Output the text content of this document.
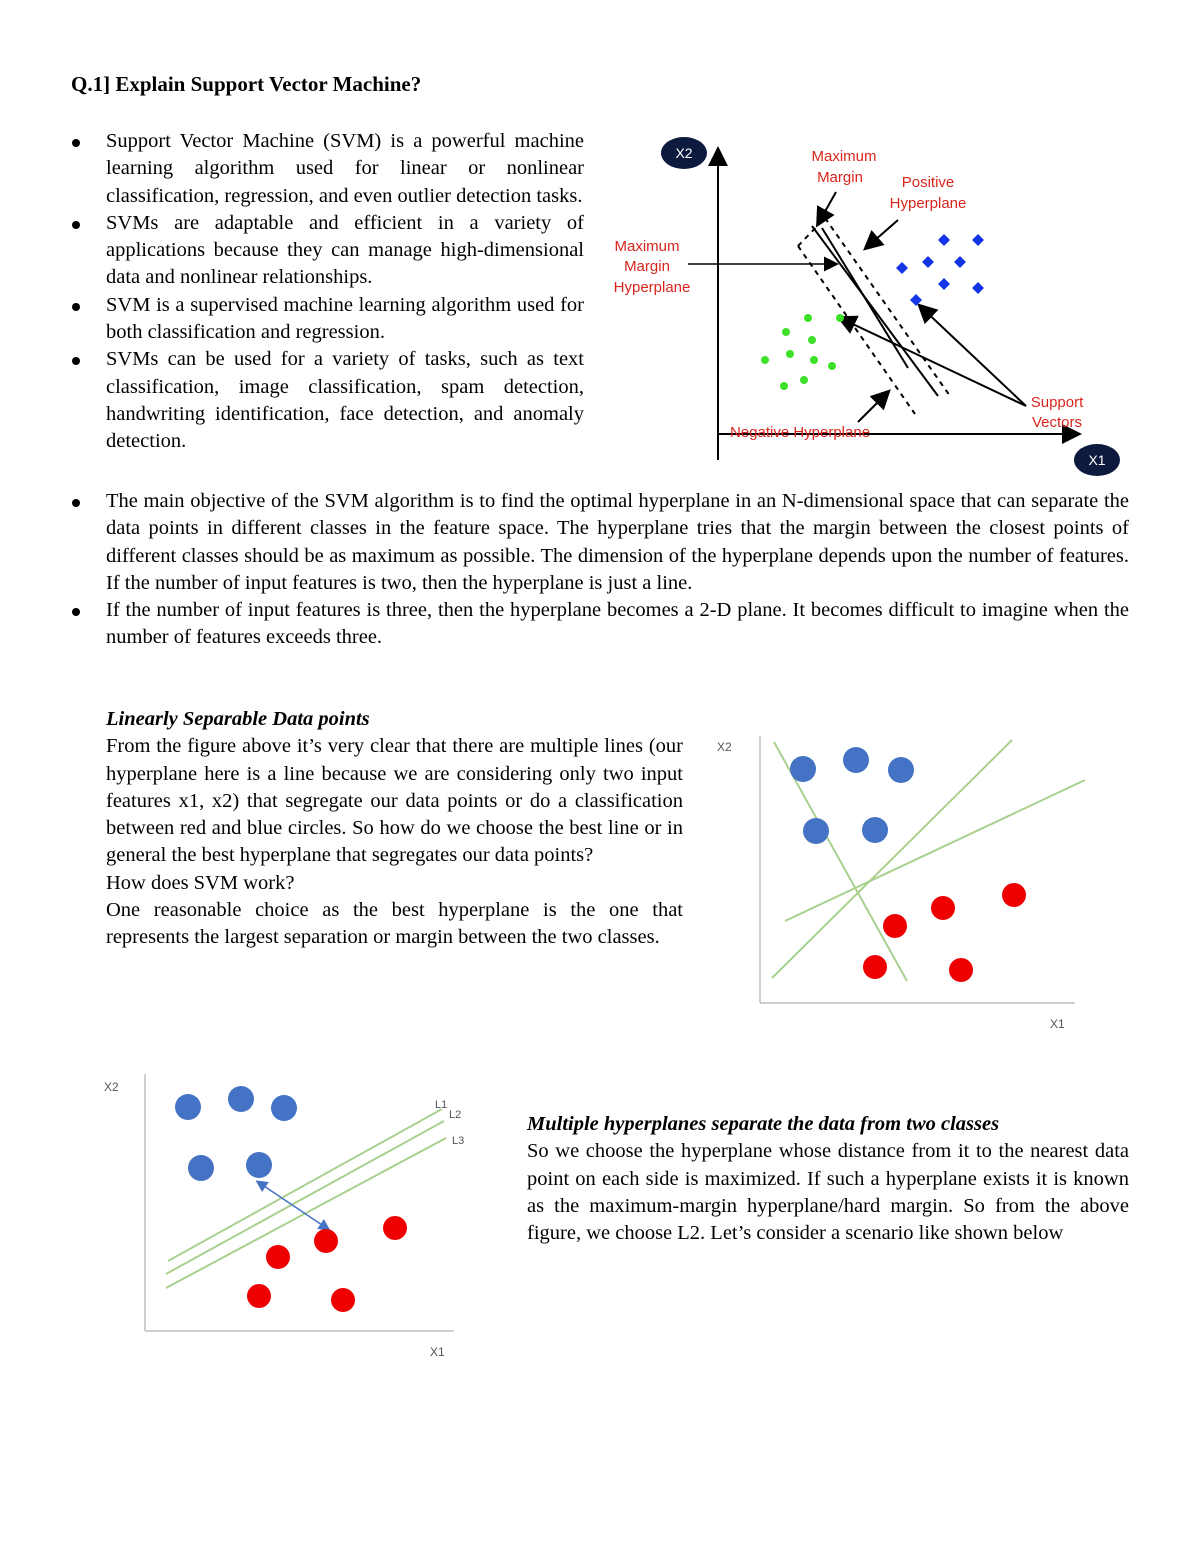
Q.1] Explain Support Vector Machine?
Support Vector Machine (SVM) is a powerful machine learning algorithm used for linear or nonlinear classification, regression, and even outlier detection tasks.
SVMs are adaptable and efficient in a variety of applications because they can manage high-dimensional data and nonlinear relationships.
SVM is a supervised machine learning algorithm used for both classification and regression.
SVMs can be used for a variety of tasks, such as text classification, image classification, spam detection, handwriting identification, face detection, and anomaly detection.
The main objective of the SVM algorithm is to find the optimal hyperplane in an N-dimensional space that can separate the data points in different classes in the feature space. The hyperplane tries that the margin between the closest points of different classes should be as maximum as possible. The dimension of the hyperplane depends upon the number of features. If the number of input features is two, then the hyperplane is just a line.
If the number of input features is three, then the hyperplane becomes a 2-D plane. It becomes difficult to imagine when the number of features exceeds three.
Linearly Separable Data points
From the figure above it’s very clear that there are multiple lines (our hyperplane here is a line because we are considering only two input features x1, x2) that segregate our data points or do a classification between red and blue circles. So how do we choose the best line or in general the best hyperplane that segregates our data points?
How does SVM work?
One reasonable choice as the best hyperplane is the one that represents the largest separation or margin between the two classes.
Multiple hyperplanes separate the data from two classes
So we choose the hyperplane whose distance from it to the nearest data point on each side is maximized. If such a hyperplane exists it is known as the maximum-margin hyperplane/hard margin. So from the above figure, we choose L2. Let’s consider a scenario like shown below
X2
X1
Maximum
Margin	Positive
Hyperplane
Maximum
Margin
Hyperplane
Support
Vectors
Negative Hyperplane
X2
X1
X2
X1
L1
L2
L3
